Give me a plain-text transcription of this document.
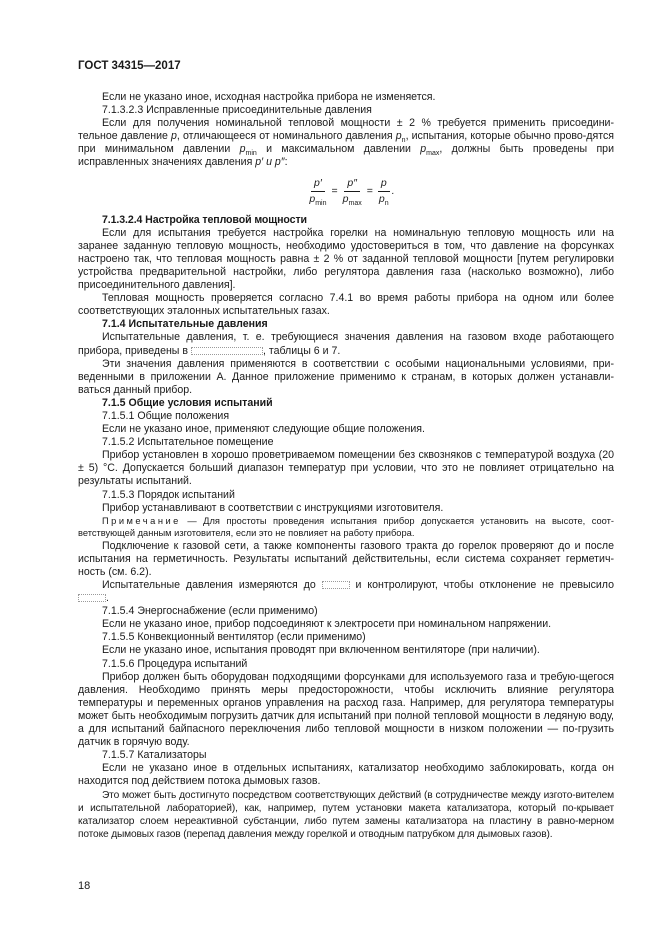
ГОСТ 34315—2017

Если не указано иное, исходная настройка прибора не изменяется.

7.1.3.2.3 Исправленные присоединительные давления

Если для получения номинальной тепловой мощности ± 2 % требуется применить присоедини-тельное давление p, отличающееся от номинального давления $p_n$, испытания, которые обычно прово-дятся при минимальном давлении $p_{min}$ и максимальном давлении $p_{max}$, должны быть проведены при исправленных значениях давления p′ и p″:

$\frac{p'}{p_{min}} = \frac{p''}{p_{max}} = \frac{p}{p_n}$ .

7.1.3.2.4 Настройка тепловой мощности

Если для испытания требуется настройка горелки на номинальную тепловую мощность или на заранее заданную тепловую мощность, необходимо удостовериться в том, что давление на форсунках настроено так, что тепловая мощность равна ± 2 % от заданной тепловой мощности [путем регулировки устройства предварительной настройки, либо регулятора давления газа (насколько возможно), либо присоединительного давления].

Тепловая мощность проверяется согласно 7.4.1 во время работы прибора на одном или более соответствующих эталонных испытательных газах.

7.1.4 Испытательные давления

Испытательные давления, т. е. требующиеся значения давления на газовом входе работающего прибора, приведены в	, таблицы 6 и 7.

Эти значения давления применяются в соответствии с особыми национальными условиями, при-веденными в приложении А. Данное приложение применимо к странам, в которых должен устанавли-ваться данный прибор.

7.1.5 Общие условия испытаний

7.1.5.1 Общие положения

Если не указано иное, применяют следующие общие положения.

7.1.5.2 Испытательное помещение

Прибор установлен в хорошо проветриваемом помещении без сквозняков с температурой воздуха (20 ± 5) °С. Допускается больший диапазон температур при условии, что это не повлияет отрицательно на результаты испытаний.

7.1.5.3 Порядок испытаний

Прибор устанавливают в соответствии с инструкциями изготовителя.

Примечание — Для простоты проведения испытания прибор допускается установить на высоте, соот-ветствующей данным изготовителя, если это не повлияет на работу прибора.

Подключение к газовой сети, а также компоненты газового тракта до горелок проверяют до и после испытания на герметичность. Результаты испытаний действительны, если система сохраняет герметич-ность (см. 6.2).

Испытательные давления измеряются до	и контролируют, чтобы отклонение не превысило .

7.1.5.4 Энергоснабжение (если применимо)

Если не указано иное, прибор подсоединяют к электросети при номинальном напряжении.

7.1.5.5 Конвекционный вентилятор (если применимо)

Если не указано иное, испытания проводят при включенном вентиляторе (при наличии).

7.1.5.6 Процедура испытаний

Прибор должен быть оборудован подходящими форсунками для используемого газа и требую-щегося давления. Необходимо принять меры предосторожности, чтобы исключить влияние регулятора температуры и переменных органов управления на расход газа. Например, для регулятора температуры может быть необходимым погрузить датчик для испытаний при полной тепловой мощности в ледяную воду, а для испытаний байпасного переключения либо тепловой мощности в низком положении — по-грузить датчик в горячую воду.

7.1.5.7 Катализаторы

Если не указано иное в отдельных испытаниях, катализатор необходимо заблокировать, когда он находится под действием потока дымовых газов.

Это может быть достигнуто посредством соответствующих действий (в сотрудничестве между изгото-вителем и испытательной лабораторией), как, например, путем установки макета катализатора, который по-крывает катализатор слоем нереактивной субстанции, либо путем замены катализатора на пластину в равно-мерном потоке дымовых газов (перепад давления между горелкой и отводным патрубком для дымовых газов).

18
